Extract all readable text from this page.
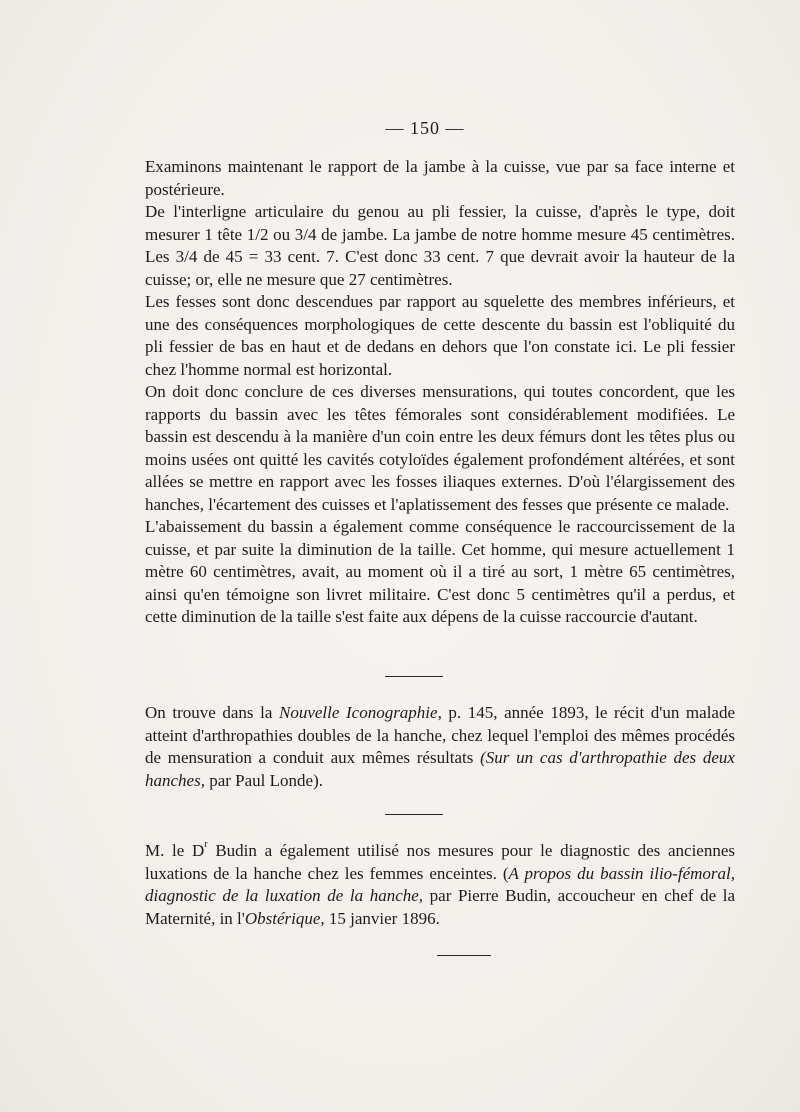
— 150 —

Examinons maintenant le rapport de la jambe à la cuisse, vue par sa face interne et postérieure.

De l'interligne articulaire du genou au pli fessier, la cuisse, d'après le type, doit mesurer 1 tête 1/2 ou 3/4 de jambe. La jambe de notre homme mesure 45 centimètres. Les 3/4 de 45 = 33 cent. 7. C'est donc 33 cent. 7 que devrait avoir la hauteur de la cuisse; or, elle ne mesure que 27 centimètres.

Les fesses sont donc descendues par rapport au squelette des membres inférieurs, et une des conséquences morphologiques de cette descente du bassin est l'obliquité du pli fessier de bas en haut et de dedans en dehors que l'on constate ici. Le pli fessier chez l'homme normal est horizontal.

On doit donc conclure de ces diverses mensurations, qui toutes concordent, que les rapports du bassin avec les têtes fémorales sont considérablement modifiées. Le bassin est descendu à la manière d'un coin entre les deux fémurs dont les têtes plus ou moins usées ont quitté les cavités cotyloïdes également profondément altérées, et sont allées se mettre en rapport avec les fosses iliaques externes. D'où l'élargissement des hanches, l'écartement des cuisses et l'aplatissement des fesses que présente ce malade.

L'abaissement du bassin a également comme conséquence le raccourcissement de la cuisse, et par suite la diminution de la taille. Cet homme, qui mesure actuellement 1 mètre 60 centimètres, avait, au moment où il a tiré au sort, 1 mètre 65 centimètres, ainsi qu'en témoigne son livret militaire. C'est donc 5 centimètres qu'il a perdus, et cette diminution de la taille s'est faite aux dépens de la cuisse raccourcie d'autant.

On trouve dans la Nouvelle Iconographie, p. 145, année 1893, le récit d'un malade atteint d'arthropathies doubles de la hanche, chez lequel l'emploi des mêmes procédés de mensuration a conduit aux mêmes résultats (Sur un cas d'arthropathie des deux hanches, par Paul Londe).

M. le $D^r$ Budin a également utilisé nos mesures pour le diagnostic des anciennes luxations de la hanche chez les femmes enceintes. (A propos du bassin ilio-fémoral, diagnostic de la luxation de la hanche, par Pierre Budin, accoucheur en chef de la Maternité, in l'Obstérique, 15 janvier 1896.
